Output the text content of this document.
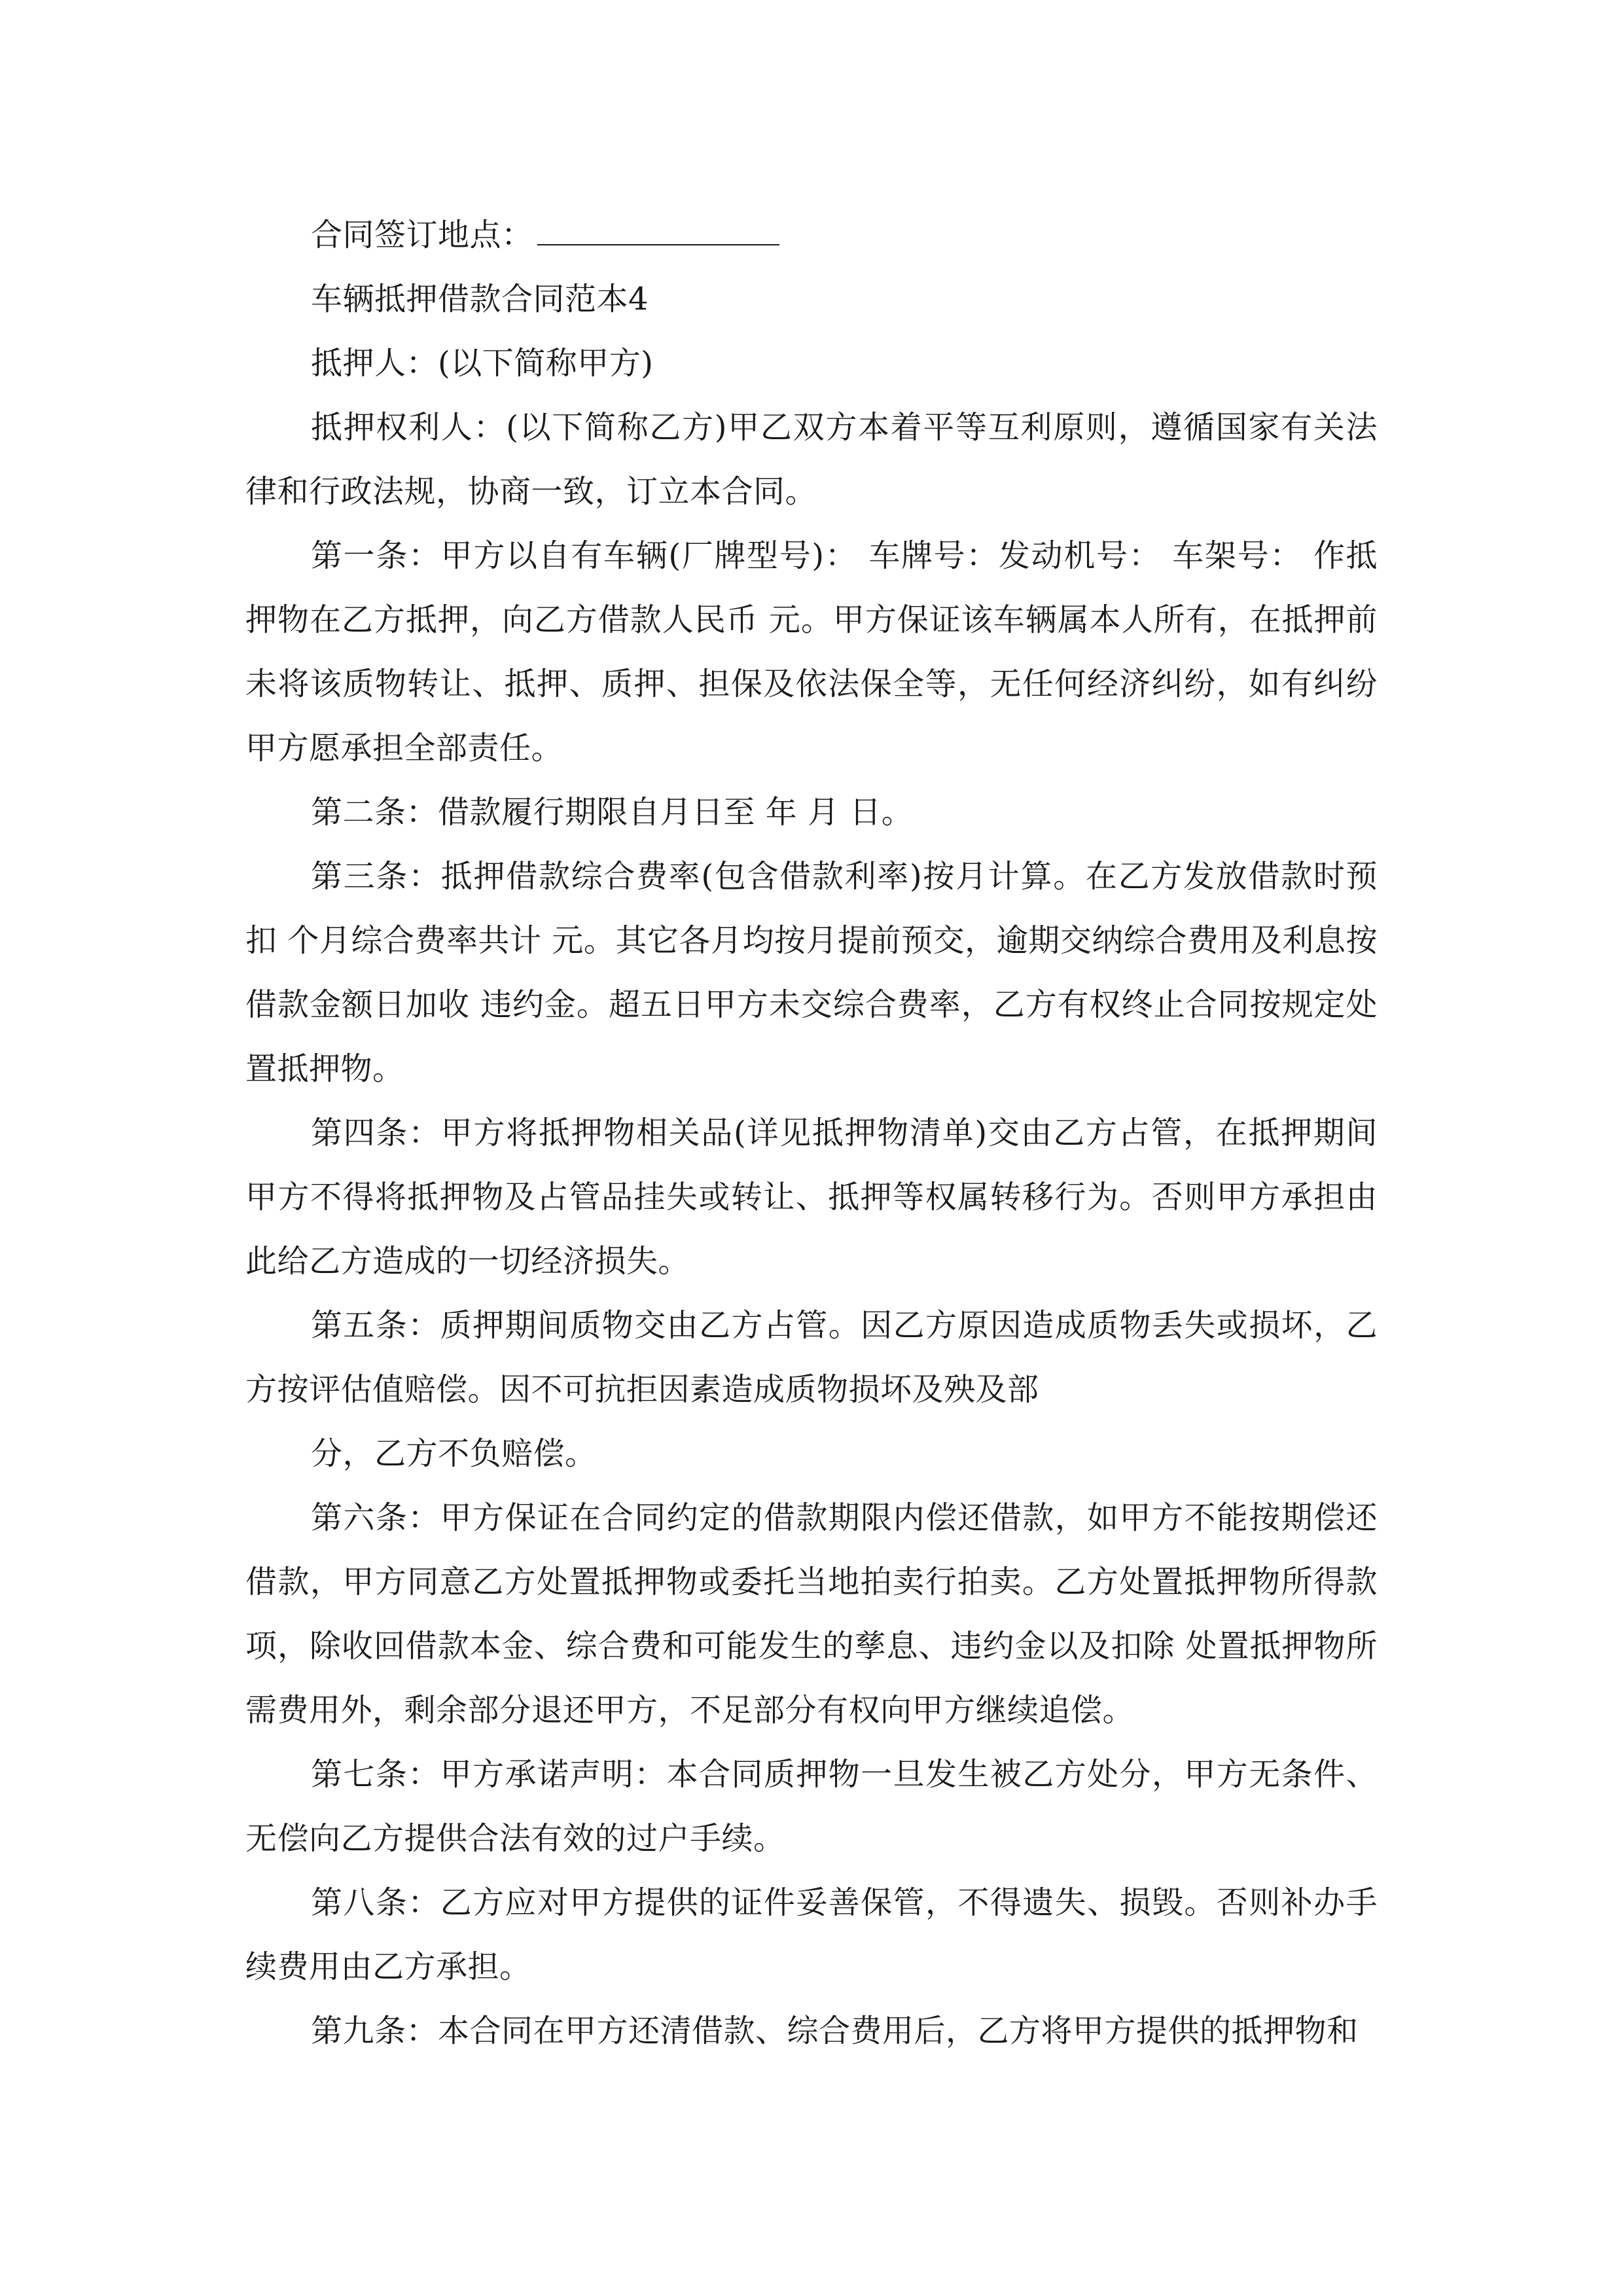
合同签订地点：

车辆抵押借款合同范本4

抵押人：(以下简称甲方)

抵押权利人：(以下简称乙方)甲乙双方本着平等互利原则，遵循国家有关法律和行政法规，协商一致，订立本合同。

第一条：甲方以自有车辆(厂牌型号)： 车牌号：发动机号： 车架号： 作抵押物在乙方抵押，向乙方借款人民币 元。甲方保证该车辆属本人所有，在抵押前未将该质物转让、抵押、质押、担保及依法保全等，无任何经济纠纷，如有纠纷甲方愿承担全部责任。

第二条：借款履行期限自月日至 年 月 日。

第三条：抵押借款综合费率(包含借款利率)按月计算。在乙方发放借款时预扣 个月综合费率共计 元。其它各月均按月提前预交，逾期交纳综合费用及利息按借款金额日加收 违约金。超五日甲方未交综合费率，乙方有权终止合同按规定处置抵押物。

第四条：甲方将抵押物相关品(详见抵押物清单)交由乙方占管，在抵押期间甲方不得将抵押物及占管品挂失或转让、抵押等权属转移行为。否则甲方承担由此给乙方造成的一切经济损失。

第五条：质押期间质物交由乙方占管。因乙方原因造成质物丢失或损坏，乙方按评估值赔偿。因不可抗拒因素造成质物损坏及殃及部

分，乙方不负赔偿。

第六条：甲方保证在合同约定的借款期限内偿还借款，如甲方不能按期偿还借款，甲方同意乙方处置抵押物或委托当地拍卖行拍卖。乙方处置抵押物所得款项，除收回借款本金、综合费和可能发生的孳息、违约金以及扣除 处置抵押物所需费用外，剩余部分退还甲方，不足部分有权向甲方继续追偿。

第七条：甲方承诺声明：本合同质押物一旦发生被乙方处分，甲方无条件、无偿向乙方提供合法有效的过户手续。

第八条：乙方应对甲方提供的证件妥善保管，不得遗失、损毁。否则补办手续费用由乙方承担。

第九条：本合同在甲方还清借款、综合费用后，乙方将甲方提供的抵押物和
